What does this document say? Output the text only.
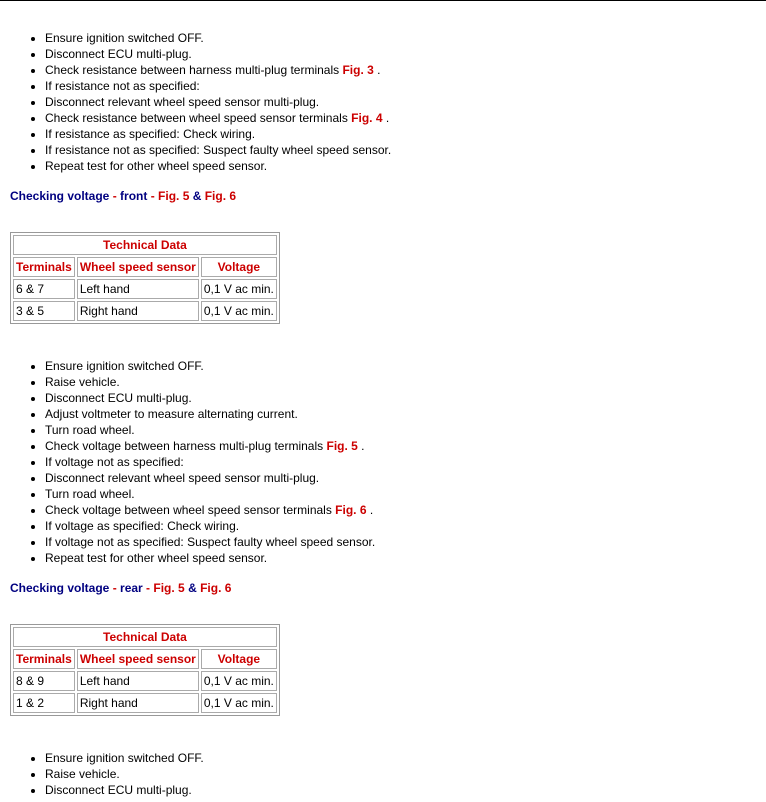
• Ensure ignition switched OFF.
• Disconnect ECU multi-plug.
• Check resistance between harness multi-plug terminals Fig. 3 .
• If resistance not as specified:
• Disconnect relevant wheel speed sensor multi-plug.
• Check resistance between wheel speed sensor terminals Fig. 4 .
• If resistance as specified: Check wiring.
• If resistance not as specified: Suspect faulty wheel speed sensor.
• Repeat test for other wheel speed sensor.
Checking voltage - front - Fig. 5 & Fig. 6
Technical Data		
Terminals	Wheel speed sensor	Voltage
6 & 7	Left hand	0,1 V ac min.
3 & 5	Right hand	0,1 V ac min.
• Ensure ignition switched OFF.
• Raise vehicle.
• Disconnect ECU multi-plug.
• Adjust voltmeter to measure alternating current.
• Turn road wheel.
• Check voltage between harness multi-plug terminals Fig. 5 .
• If voltage not as specified:
• Disconnect relevant wheel speed sensor multi-plug.
• Turn road wheel.
• Check voltage between wheel speed sensor terminals Fig. 6 .
• If voltage as specified: Check wiring.
• If voltage not as specified: Suspect faulty wheel speed sensor.
• Repeat test for other wheel speed sensor.
Checking voltage - rear - Fig. 5 & Fig. 6
Technical Data		
Terminals	Wheel speed sensor	Voltage
8 & 9	Left hand	0,1 V ac min.
1 & 2	Right hand	0,1 V ac min.
• Ensure ignition switched OFF.
• Raise vehicle.
• Disconnect ECU multi-plug.
